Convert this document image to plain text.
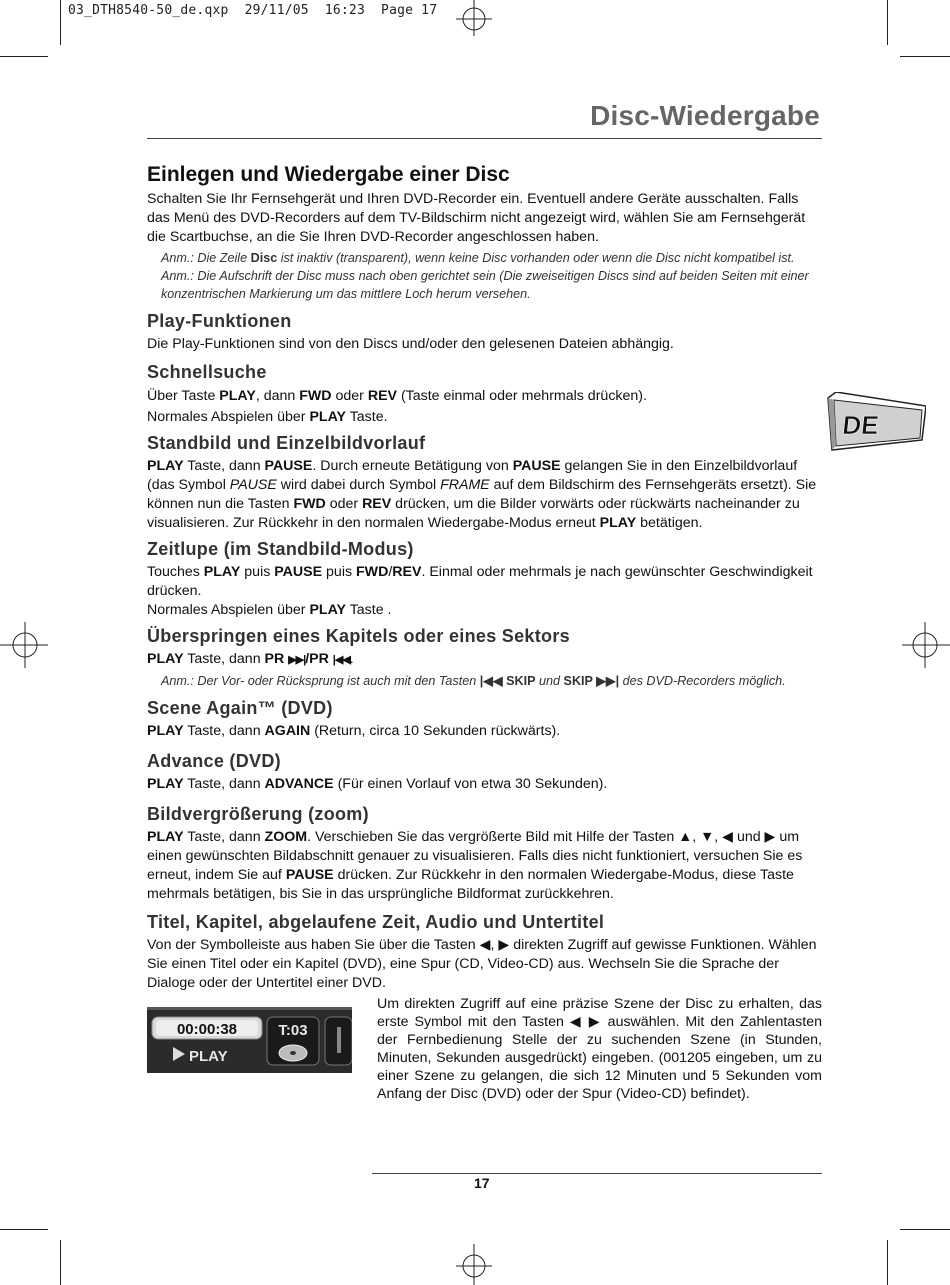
03_DTH8540-50_de.qxp  29/11/05  16:23  Page 17
Disc-Wiedergabe
DE
Einlegen und Wiedergabe einer Disc

Schalten Sie Ihr Fernsehgerät und Ihren DVD-Recorder ein. Eventuell andere Geräte ausschalten. Falls das Menü des DVD-Recorders auf dem TV-Bildschirm nicht angezeigt wird, wählen Sie am Fernsehgerät die Scartbuchse, an die Sie Ihren DVD-Recorder angeschlossen haben.

Anm.: Die Zeile Disc ist inaktiv (transparent), wenn keine Disc vorhanden oder wenn die Disc nicht kompatibel ist.

Anm.: Die Aufschrift der Disc muss nach oben gerichtet sein (Die zweiseitigen Discs sind auf beiden Seiten mit einer konzentrischen Markierung um das mittlere Loch herum versehen.

Play-Funktionen

Die Play-Funktionen sind von den Discs und/oder den gelesenen Dateien abhängig.

Schnellsuche

Über Taste PLAY, dann FWD oder REV (Taste einmal oder mehrmals drücken).

Normales Abspielen über PLAY Taste.

Standbild und Einzelbildvorlauf

PLAY Taste, dann PAUSE. Durch erneute Betätigung von PAUSE gelangen Sie in den Einzelbildvorlauf (das Symbol PAUSE wird dabei durch Symbol FRAME auf dem Bildschirm des Fernsehgeräts ersetzt). Sie können nun die Tasten FWD oder REV drücken, um die Bilder vorwärts oder rückwärts nacheinander zu visualisieren. Zur Rückkehr in den normalen Wiedergabe-Modus erneut PLAY betätigen.

Zeitlupe (im Standbild-Modus)

Touches PLAY puis PAUSE puis FWD/REV. Einmal oder mehrmals je nach gewünschter Geschwindigkeit drücken.

Normales Abspielen über PLAY Taste .

Überspringen eines Kapitels oder eines Sektors

PLAY Taste, dann PR ▶▶|/PR |◀◀.

Anm.: Der Vor- oder Rücksprung ist auch mit den Tasten |◀◀ SKIP und SKIP ▶▶| des DVD-Recorders möglich.

Scene Again™ (DVD)

PLAY Taste, dann AGAIN (Return, circa 10 Sekunden rückwärts).

Advance (DVD)

PLAY Taste, dann ADVANCE (Für einen Vorlauf von etwa 30 Sekunden).

Bildvergrößerung (zoom)

PLAY Taste, dann ZOOM. Verschieben Sie das vergrößerte Bild mit Hilfe der Tasten ▲, ▼, ◀ und ▶ um einen gewünschten Bildabschnitt genauer zu visualisieren. Falls dies nicht funktioniert, versuchen Sie es erneut, indem Sie auf PAUSE drücken. Zur Rückkehr in den normalen Wiedergabe-Modus, diese Taste mehrmals betätigen, bis Sie in das ursprüngliche Bildformat zurückkehren.

Titel, Kapitel, abgelaufene Zeit, Audio und Untertitel

Von der Symbolleiste aus haben Sie über die Tasten ◀, ▶ direkten Zugriff auf gewisse Funktionen. Wählen Sie einen Titel oder ein Kapitel (DVD), eine Spur (CD, Video-CD) aus. Wechseln Sie die Sprache der Dialoge oder der Untertitel einer DVD.

00:00:38
PLAY
T:03

Um direkten Zugriff auf eine präzise Szene der Disc zu erhalten, das erste Symbol mit den Tasten ◀ ▶ auswählen. Mit den Zahlentasten der Fernbedienung Stelle der zu suchenden Szene (in Stunden, Minuten, Sekunden ausgedrückt) eingeben. (001205 eingeben, um zu einer Szene zu gelangen, die sich 12 Minuten und 5 Sekunden vom Anfang der Disc (DVD) oder der Spur (Video-CD) befindet).

17
